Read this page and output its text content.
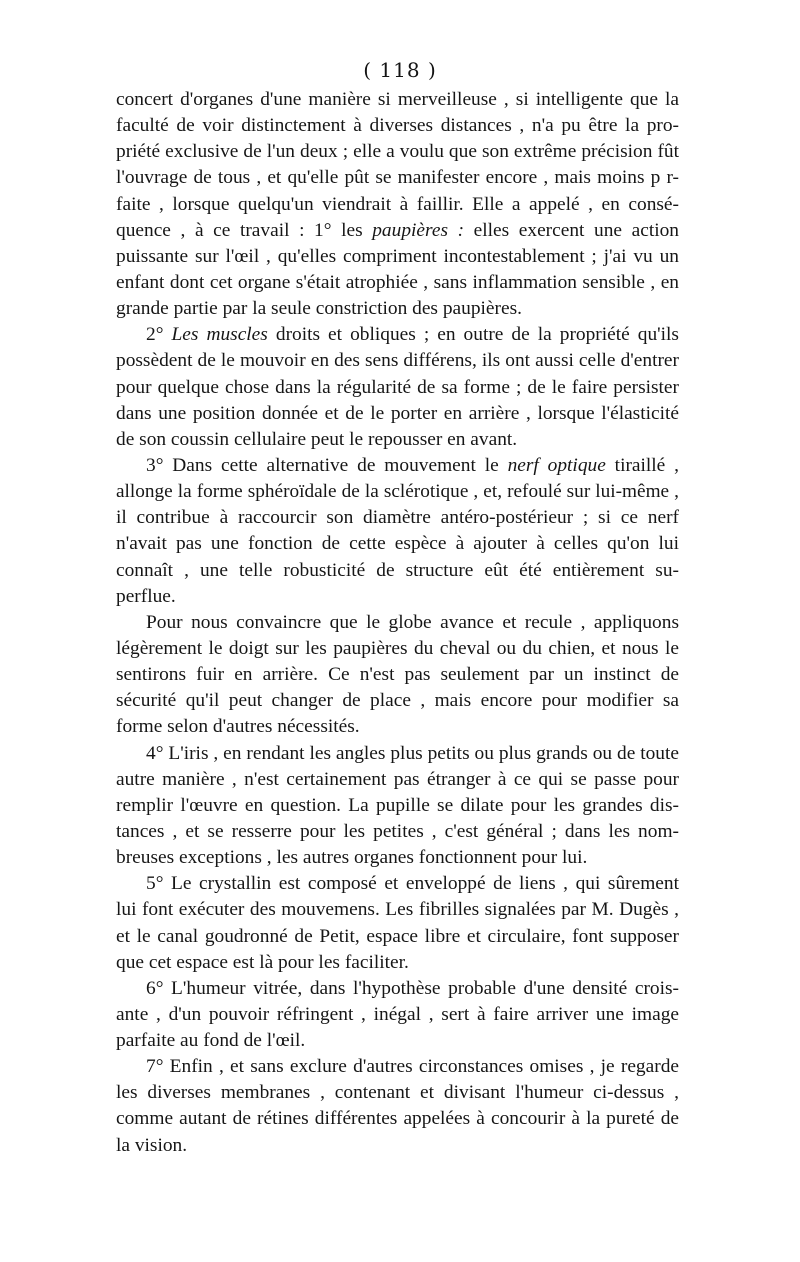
( 118 )
concert d'organes d'une manière si merveilleuse , si intelligente que la
faculté de voir distinctement à diverses distances , n'a pu être la pro-
priété exclusive de l'un deux ; elle a voulu que son extrême précision fût
l'ouvrage de tous , et qu'elle pût se manifester encore , mais moins p r-
faite , lorsque quelqu'un viendrait à faillir. Elle a appelé , en consé-
quence , à ce travail : 1° les paupières : elles exercent une action
puissante sur l'œil , qu'elles compriment incontestablement ; j'ai vu un
enfant dont cet organe s'était atrophiée , sans inflammation sensible , en
grande partie par la seule constriction des paupières.
2° Les muscles droits et obliques ; en outre de la propriété qu'ils
possèdent de le mouvoir en des sens différens, ils ont aussi celle d'entrer
pour quelque chose dans la régularité de sa forme ; de le faire persister
dans une position donnée et de le porter en arrière , lorsque l'élasticité
de son coussin cellulaire peut le repousser en avant.
3° Dans cette alternative de mouvement le nerf optique tiraillé ,
allonge la forme sphéroïdale de la sclérotique , et, refoulé sur lui-même ,
il contribue à raccourcir son diamètre antéro-postérieur ; si ce nerf
n'avait pas une fonction de cette espèce à ajouter à celles qu'on lui
connaît , une telle robusticité de structure eût été entièrement su-
perflue.
Pour nous convaincre que le globe avance et recule , appliquons
légèrement le doigt sur les paupières du cheval ou du chien, et nous le
sentirons fuir en arrière. Ce n'est pas seulement par un instinct de
sécurité qu'il peut changer de place , mais encore pour modifier sa
forme selon d'autres nécessités.
4° L'iris , en rendant les angles plus petits ou plus grands ou de toute
autre manière , n'est certainement pas étranger à ce qui se passe pour
remplir l'œuvre en question. La pupille se dilate pour les grandes dis-
tances , et se resserre pour les petites , c'est général ; dans les nom-
breuses exceptions , les autres organes fonctionnent pour lui.
5° Le crystallin est composé et enveloppé de liens , qui sûrement
lui font exécuter des mouvemens. Les fibrilles signalées par M. Dugès ,
et le canal goudronné de Petit, espace libre et circulaire, font supposer
que cet espace est là pour les faciliter.
6° L'humeur vitrée, dans l'hypothèse probable d'une densité crois-
ante , d'un pouvoir réfringent , inégal , sert à faire arriver une image
parfaite au fond de l'œil.
7° Enfin , et sans exclure d'autres circonstances omises , je regarde
les diverses membranes , contenant et divisant l'humeur ci-dessus ,
comme autant de rétines différentes appelées à concourir à la pureté de
la vision.
